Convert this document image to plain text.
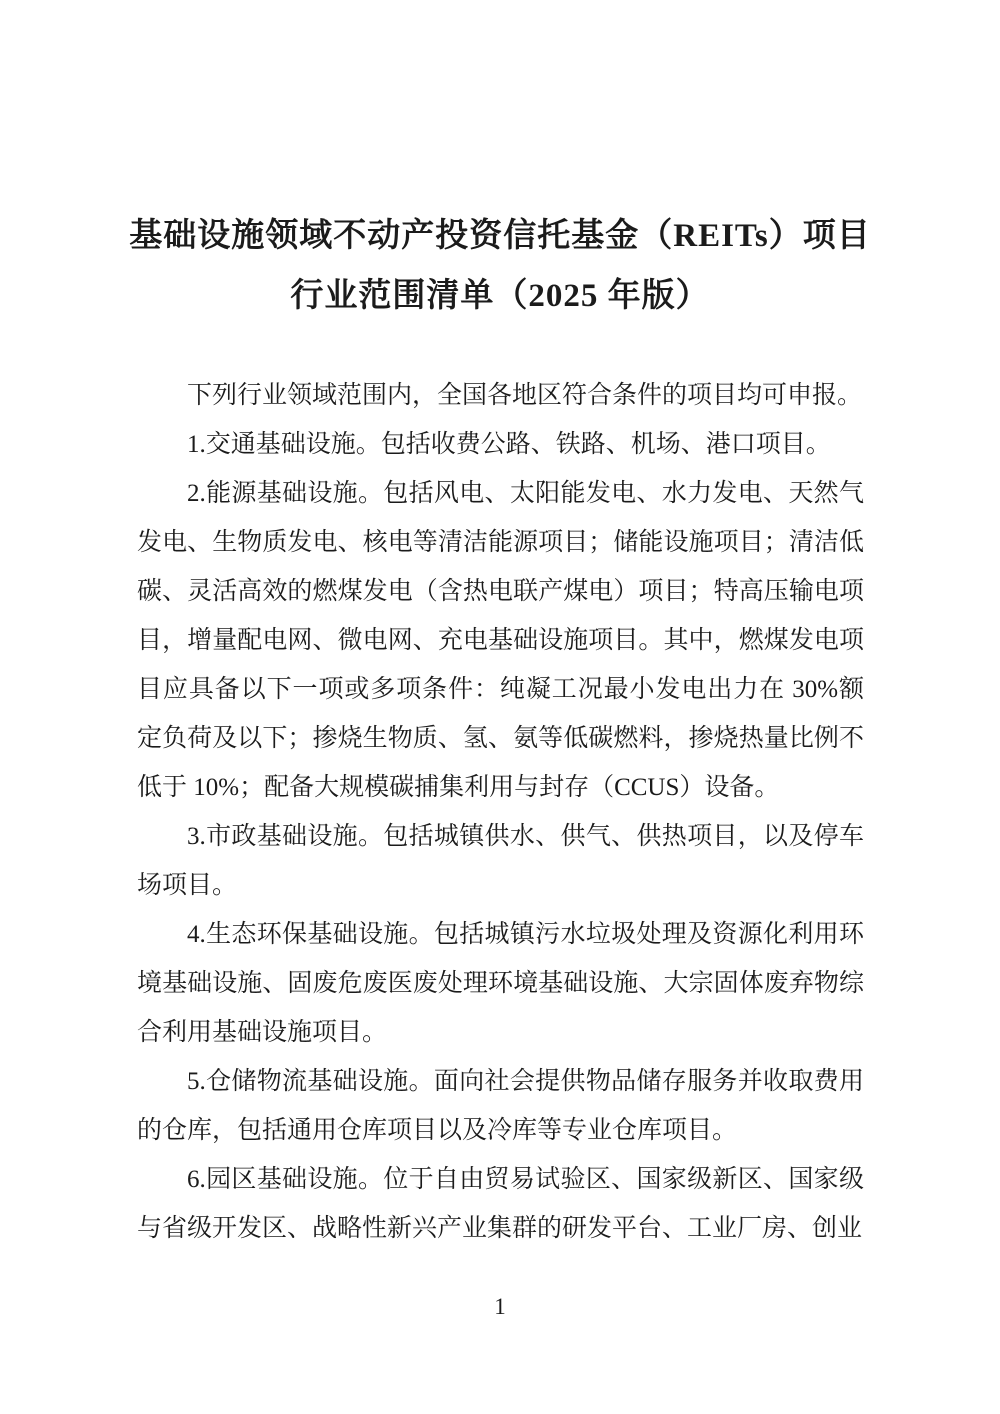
基础设施领域不动产投资信托基金（REITs）项目
行业范围清单（2025 年版）

下列行业领域范围内，全国各地区符合条件的项目均可申报。

1.交通基础设施。包括收费公路、铁路、机场、港口项目。

2.能源基础设施。包括风电、太阳能发电、水力发电、天然气发电、生物质发电、核电等清洁能源项目；储能设施项目；清洁低碳、灵活高效的燃煤发电（含热电联产煤电）项目；特高压输电项目，增量配电网、微电网、充电基础设施项目。其中，燃煤发电项目应具备以下一项或多项条件：纯凝工况最小发电出力在 30%额定负荷及以下；掺烧生物质、氢、氨等低碳燃料，掺烧热量比例不低于 10%；配备大规模碳捕集利用与封存（CCUS）设备。

3.市政基础设施。包括城镇供水、供气、供热项目，以及停车场项目。

4.生态环保基础设施。包括城镇污水垃圾处理及资源化利用环境基础设施、固废危废医废处理环境基础设施、大宗固体废弃物综合利用基础设施项目。

5.仓储物流基础设施。面向社会提供物品储存服务并收取费用的仓库，包括通用仓库项目以及冷库等专业仓库项目。

6.园区基础设施。位于自由贸易试验区、国家级新区、国家级与省级开发区、战略性新兴产业集群的研发平台、工业厂房、创业

1
